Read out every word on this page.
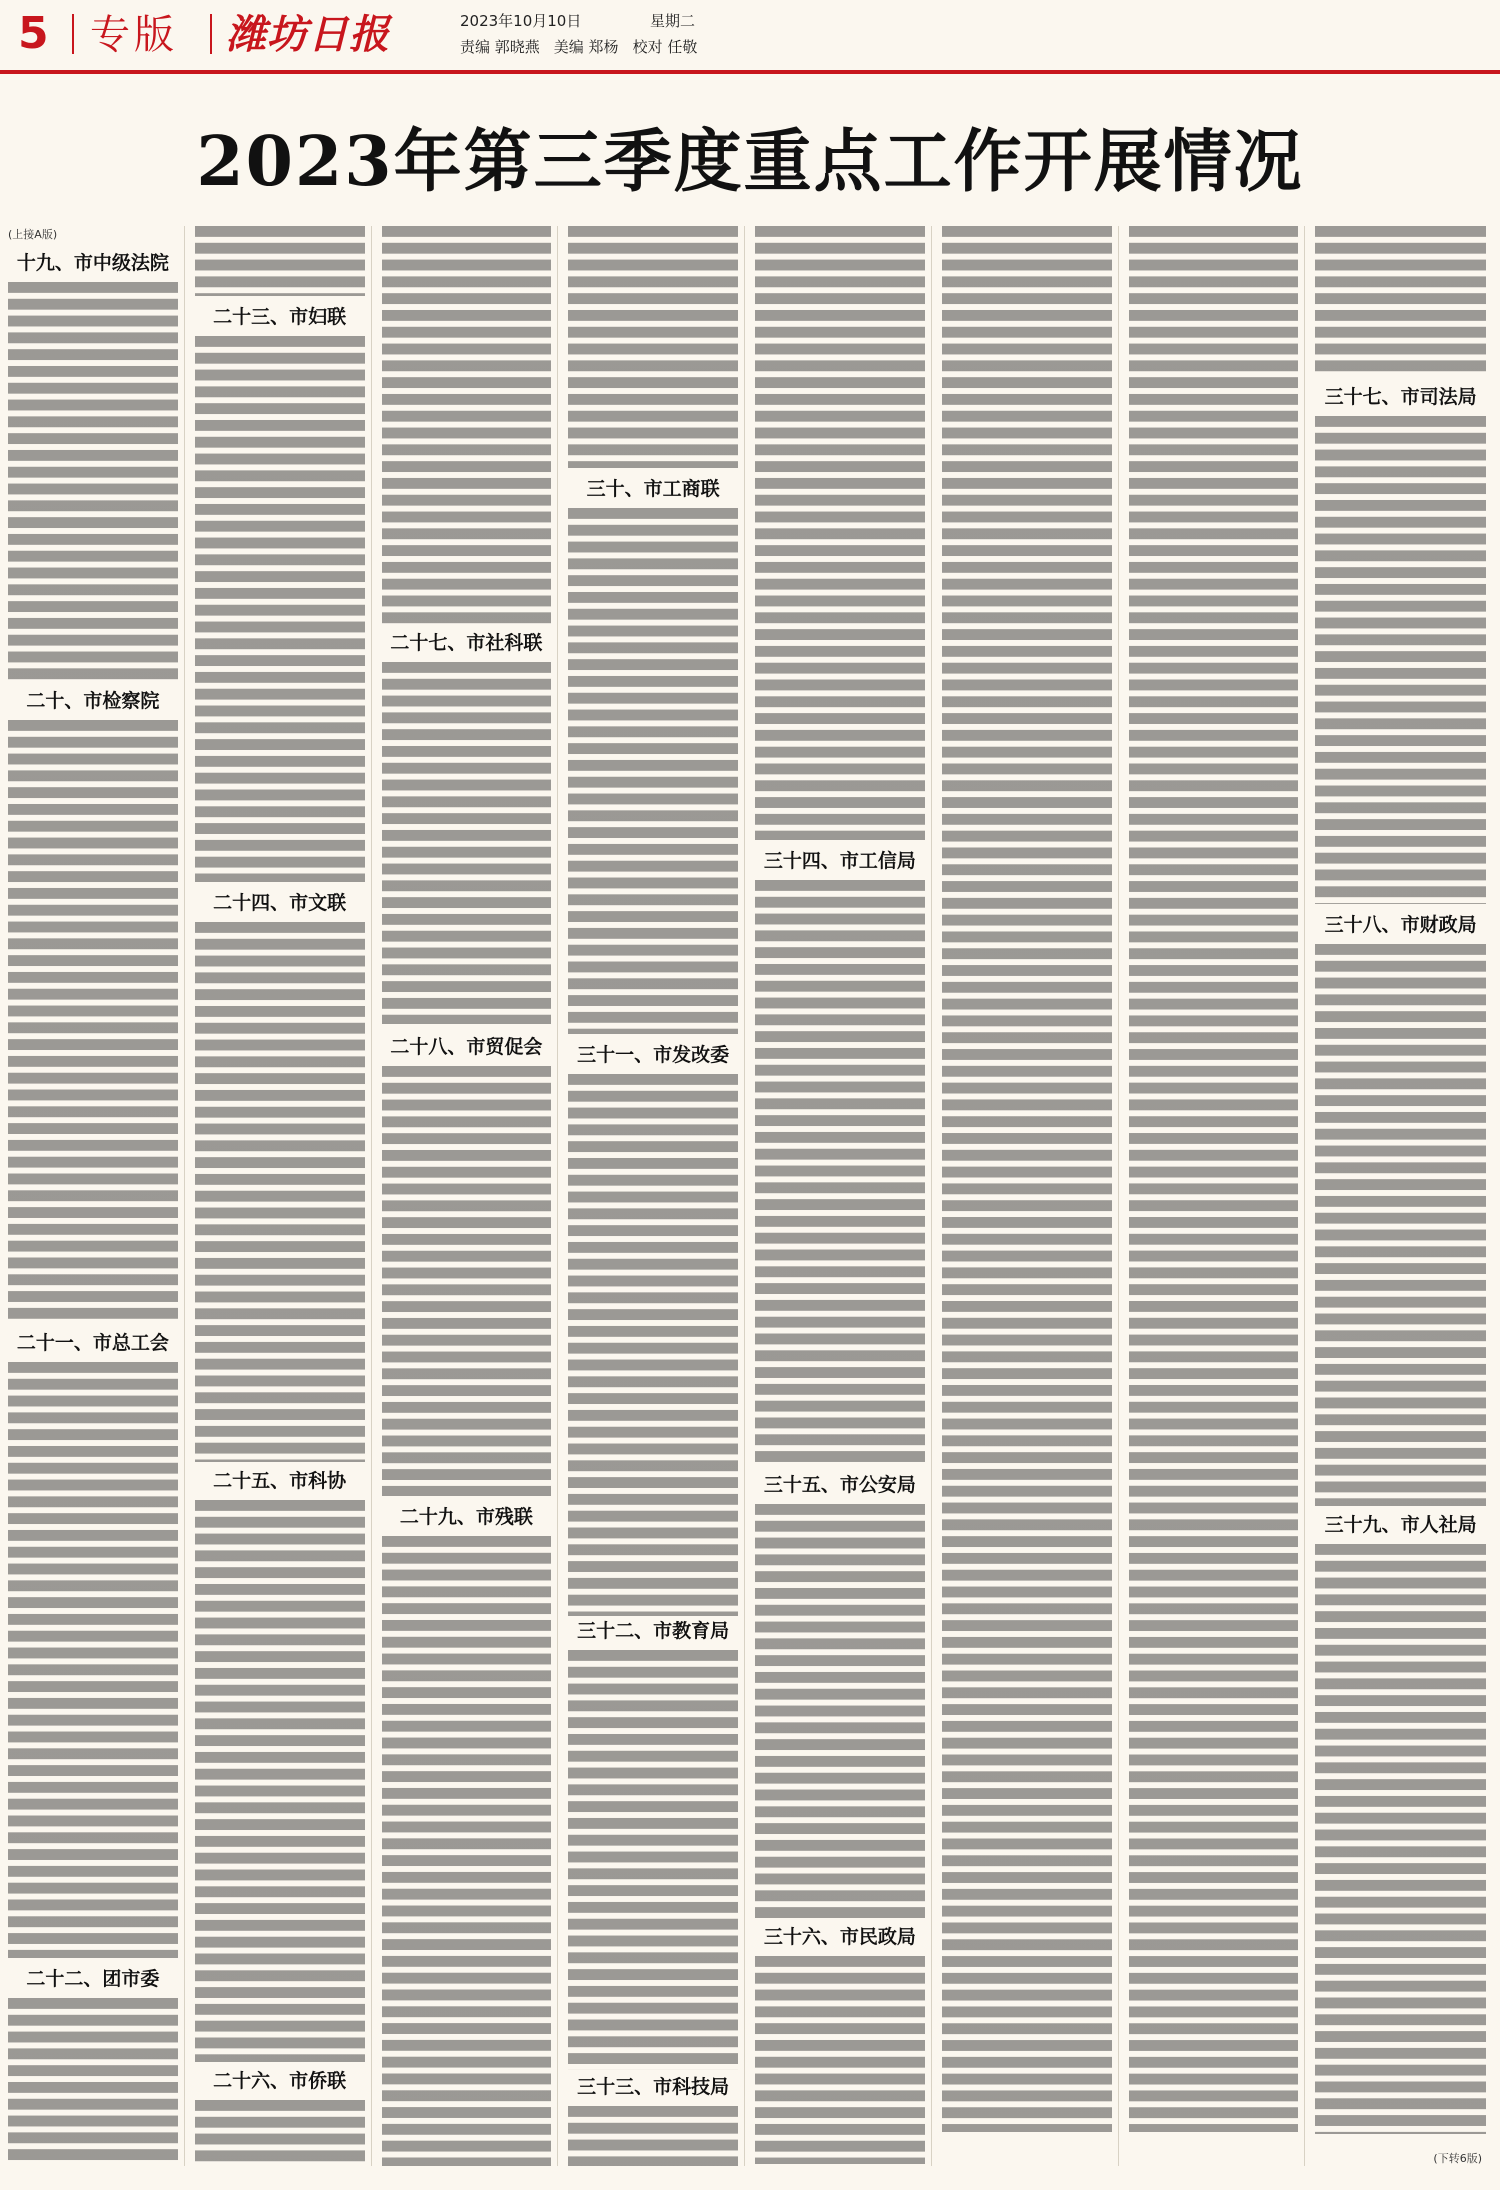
5 专版 潍坊日报	2023年10月10日	星期二
责编 郭晓燕 美编 郑杨 校对 任敬
2023年第三季度重点工作开展情况
(上接A版)
十九、市中级法院
二十、市检察院
二十一、市总工会
二十二、团市委
二十三、市妇联
二十四、市文联
二十五、市科协
二十六、市侨联
二十七、市社科联
二十八、市贸促会
二十九、市残联
三十、市工商联
三十一、市发改委
三十二、市教育局
三十三、市科技局
三十四、市工信局
三十五、市公安局
三十六、市民政局
三十七、市司法局
三十八、市财政局
三十九、市人社局
(下转6版)
